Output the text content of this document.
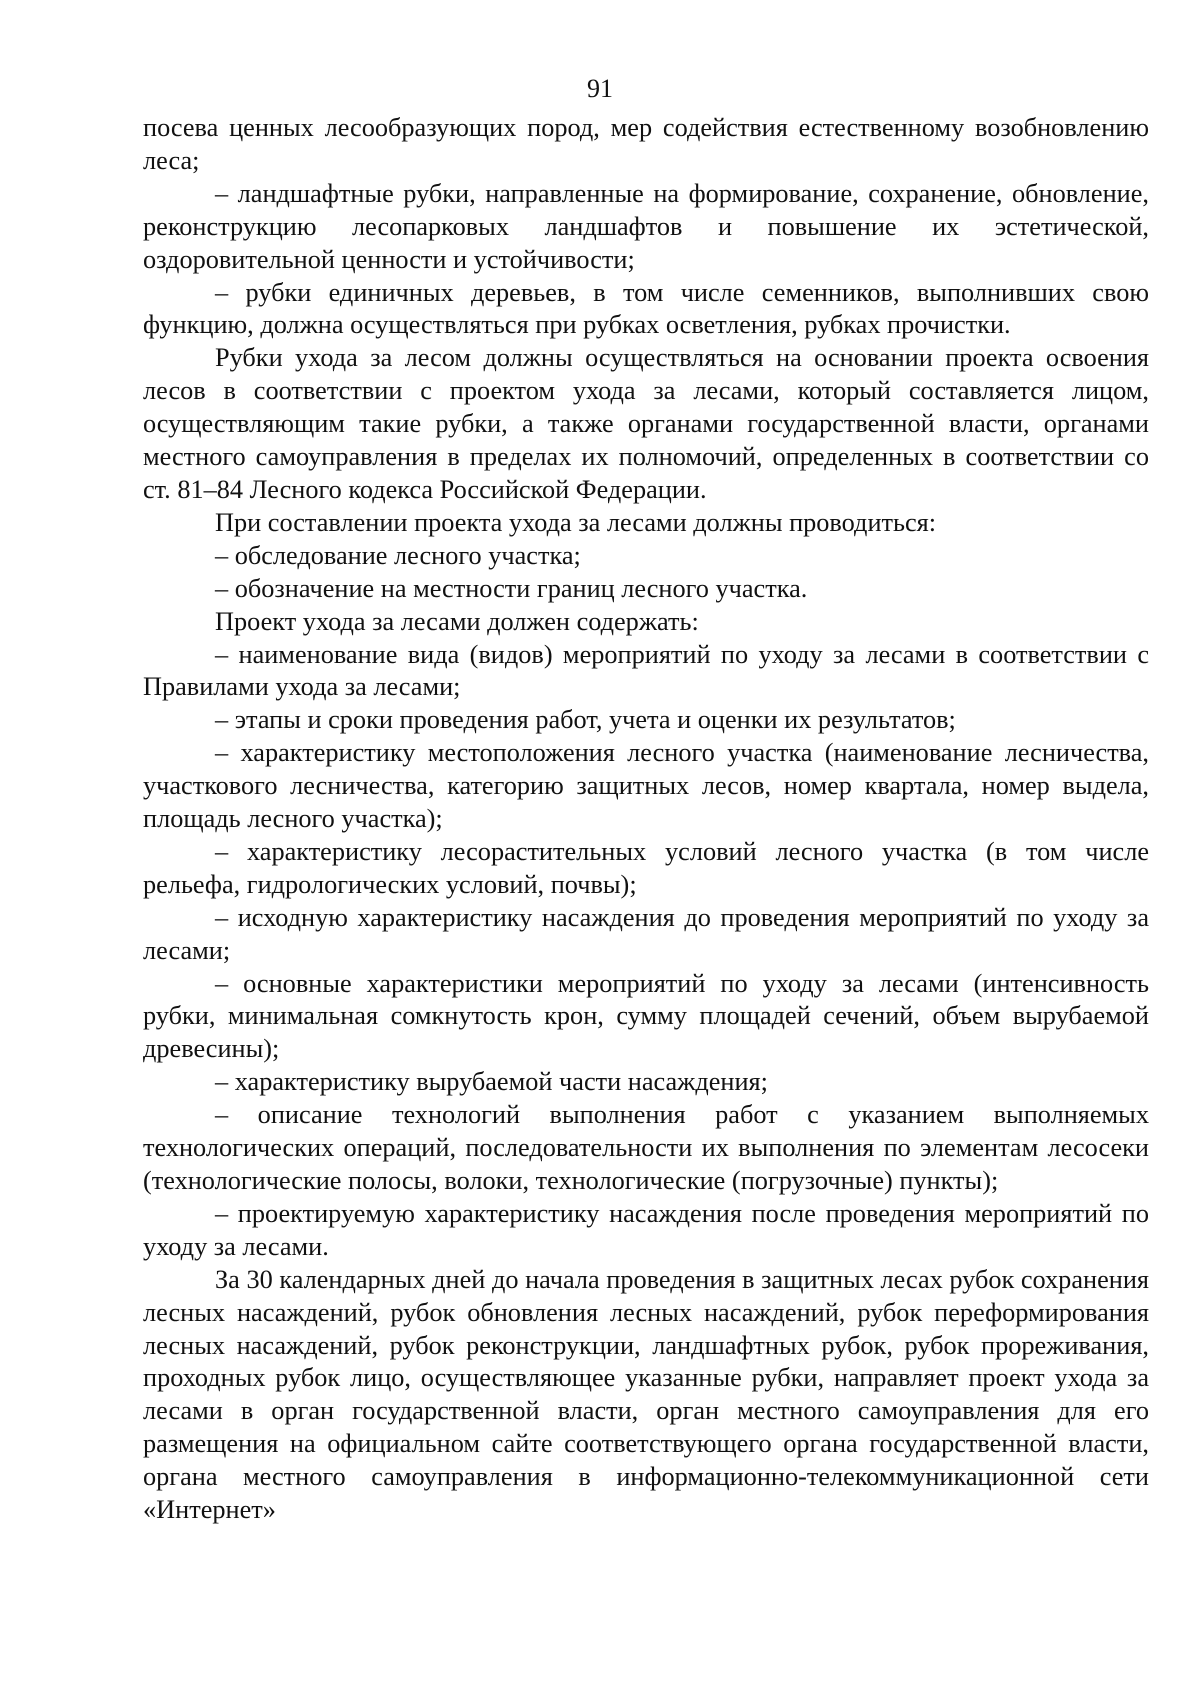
91

посева ценных лесообразующих пород, мер содействия естественному возобновлению леса;

– ландшафтные рубки, направленные на формирование, сохранение, обновление, реконструкцию лесопарковых ландшафтов и повышение их эстетической, оздоровительной ценности и устойчивости;

– рубки единичных деревьев, в том числе семенников, выполнивших свою функцию, должна осуществляться при рубках осветления, рубках прочистки.

Рубки ухода за лесом должны осуществляться на основании проекта освоения лесов в соответствии с проектом ухода за лесами, который составляется лицом, осуществляющим такие рубки, а также органами государственной власти, органами местного самоуправления в пределах их полномочий, определенных в соответствии со ст. 81–84 Лесного кодекса Российской Федерации.

При составлении проекта ухода за лесами должны проводиться:

– обследование лесного участка;

– обозначение на местности границ лесного участка.

Проект ухода за лесами должен содержать:

– наименование вида (видов) мероприятий по уходу за лесами в соответствии с Правилами ухода за лесами;

– этапы и сроки проведения работ, учета и оценки их результатов;

– характеристику местоположения лесного участка (наименование лесничества, участкового лесничества, категорию защитных лесов, номер квартала, номер выдела, площадь лесного участка);

– характеристику лесорастительных условий лесного участка (в том числе рельефа, гидрологических условий, почвы);

– исходную характеристику насаждения до проведения мероприятий по уходу за лесами;

– основные характеристики мероприятий по уходу за лесами (интенсивность рубки, минимальная сомкнутость крон, сумму площадей сечений, объем вырубаемой древесины);

– характеристику вырубаемой части насаждения;

– описание технологий выполнения работ с указанием выполняемых технологических операций, последовательности их выполнения по элементам лесосеки (технологические полосы, волоки, технологические (погрузочные) пункты);

– проектируемую характеристику насаждения после проведения мероприятий по уходу за лесами.

За 30 календарных дней до начала проведения в защитных лесах рубок сохранения лесных насаждений, рубок обновления лесных насаждений, рубок переформирования лесных насаждений, рубок реконструкции, ландшафтных рубок, рубок прореживания, проходных рубок лицо, осуществляющее указанные рубки, направляет проект ухода за лесами в орган государственной власти, орган местного самоуправления для его размещения на официальном сайте соответствующего органа государственной власти, органа местного самоуправления в информационно-телекоммуникационной сети «Интернет»
